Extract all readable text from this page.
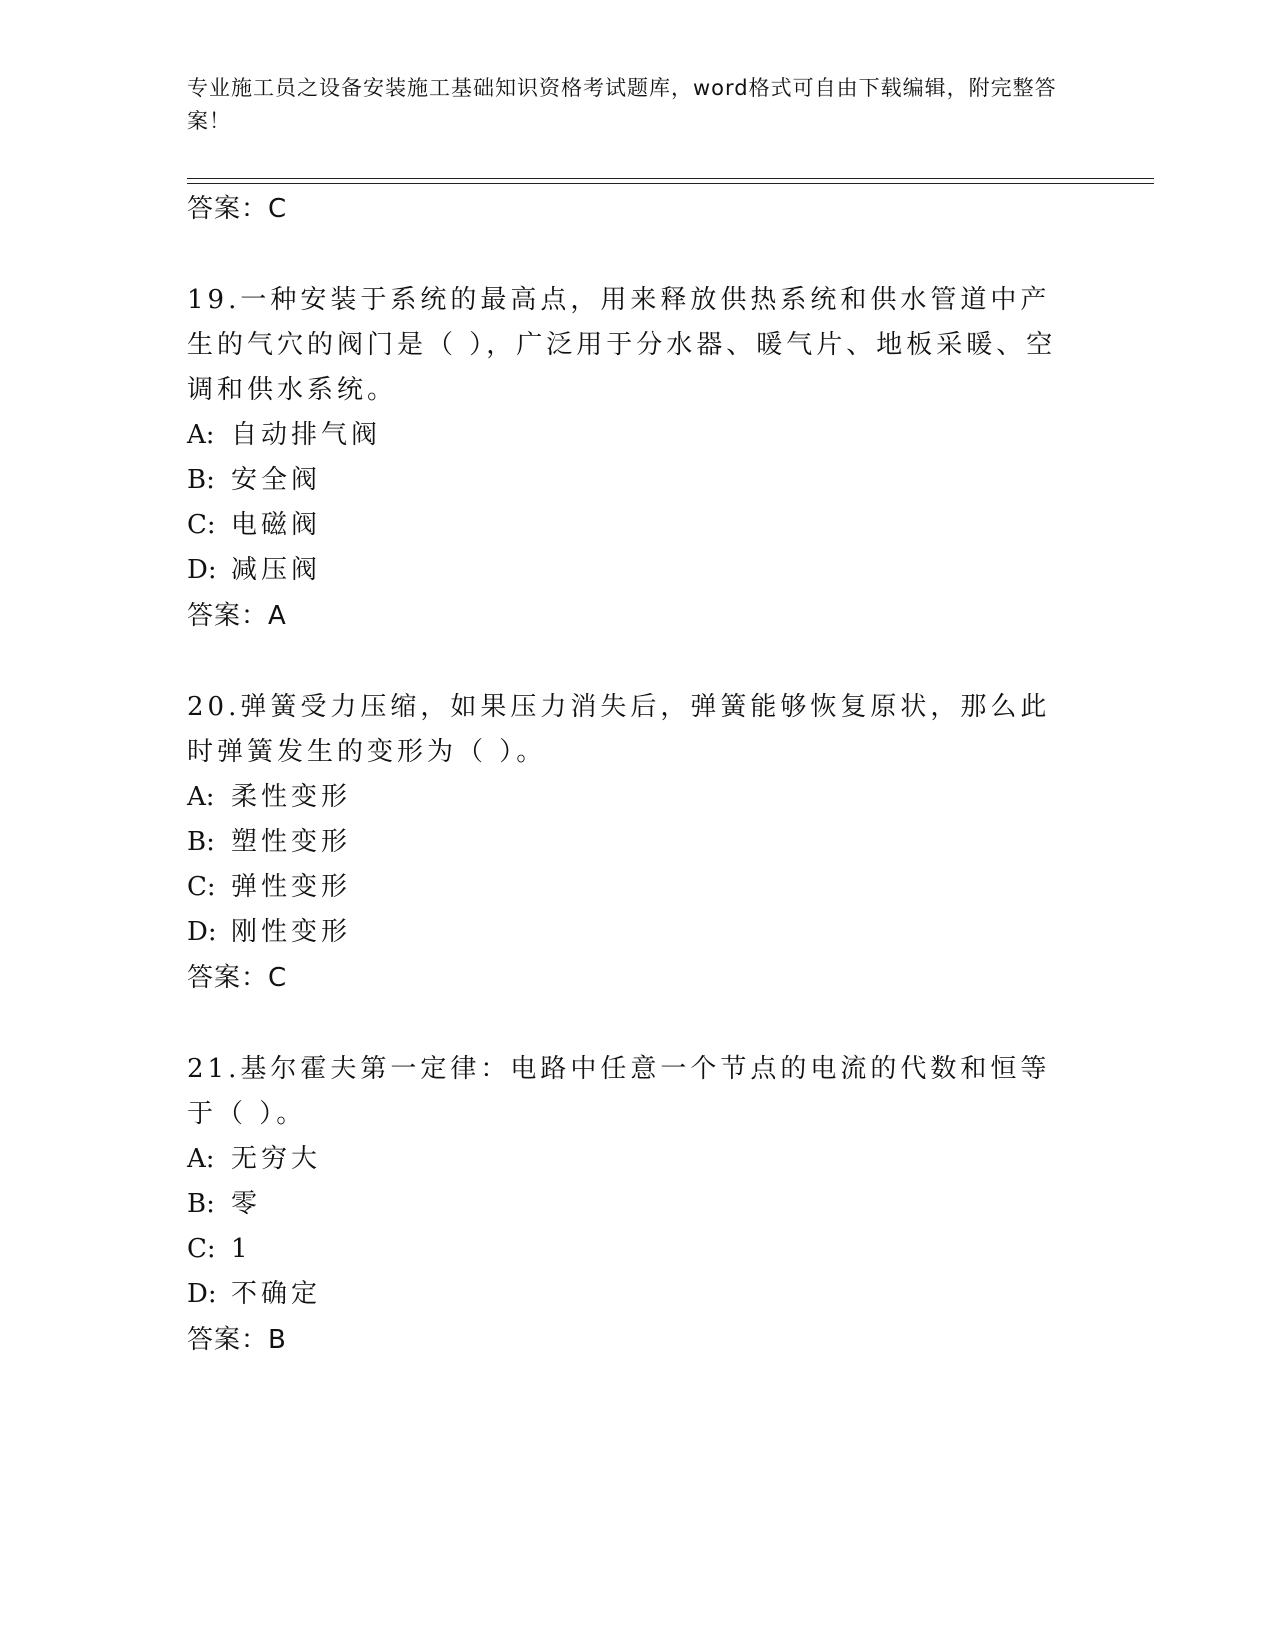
专业施工员之设备安装施工基础知识资格考试题库，word格式可自由下载编辑，附完整答案！
答案：C

19.一种安装于系统的最高点，用来释放供热系统和供水管道中产生的气穴的阀门是（ ），广泛用于分水器、暖气片、地板采暖、空调和供水系统。

A: 自动排气阀
B: 安全阀
C: 电磁阀
D: 减压阀
答案：A

20.弹簧受力压缩，如果压力消失后，弹簧能够恢复原状，那么此时弹簧发生的变形为（ ）。

A: 柔性变形
B: 塑性变形
C: 弹性变形
D: 刚性变形
答案：C

21.基尔霍夫第一定律：电路中任意一个节点的电流的代数和恒等于（ ）。

A: 无穷大
B: 零
C: 1
D: 不确定
答案：B
